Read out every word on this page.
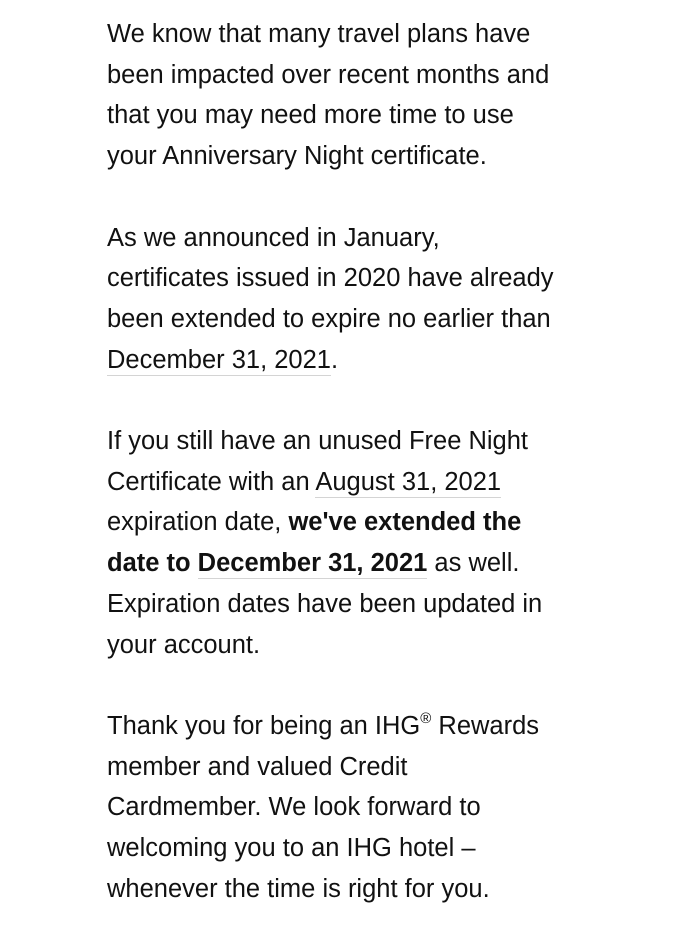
We know that many travel plans have
been impacted over recent months and
that you may need more time to use
your Anniversary Night certificate.

As we announced in January,
certificates issued in 2020 have already
been extended to expire no earlier than
December 31, 2021.

If you still have an unused Free Night
Certificate with an August 31, 2021
expiration date, we've extended the
date to December 31, 2021 as well.
Expiration dates have been updated in
your account.

Thank you for being an IHG® Rewards
member and valued Credit
Cardmember. We look forward to
welcoming you to an IHG hotel –
whenever the time is right for you.
